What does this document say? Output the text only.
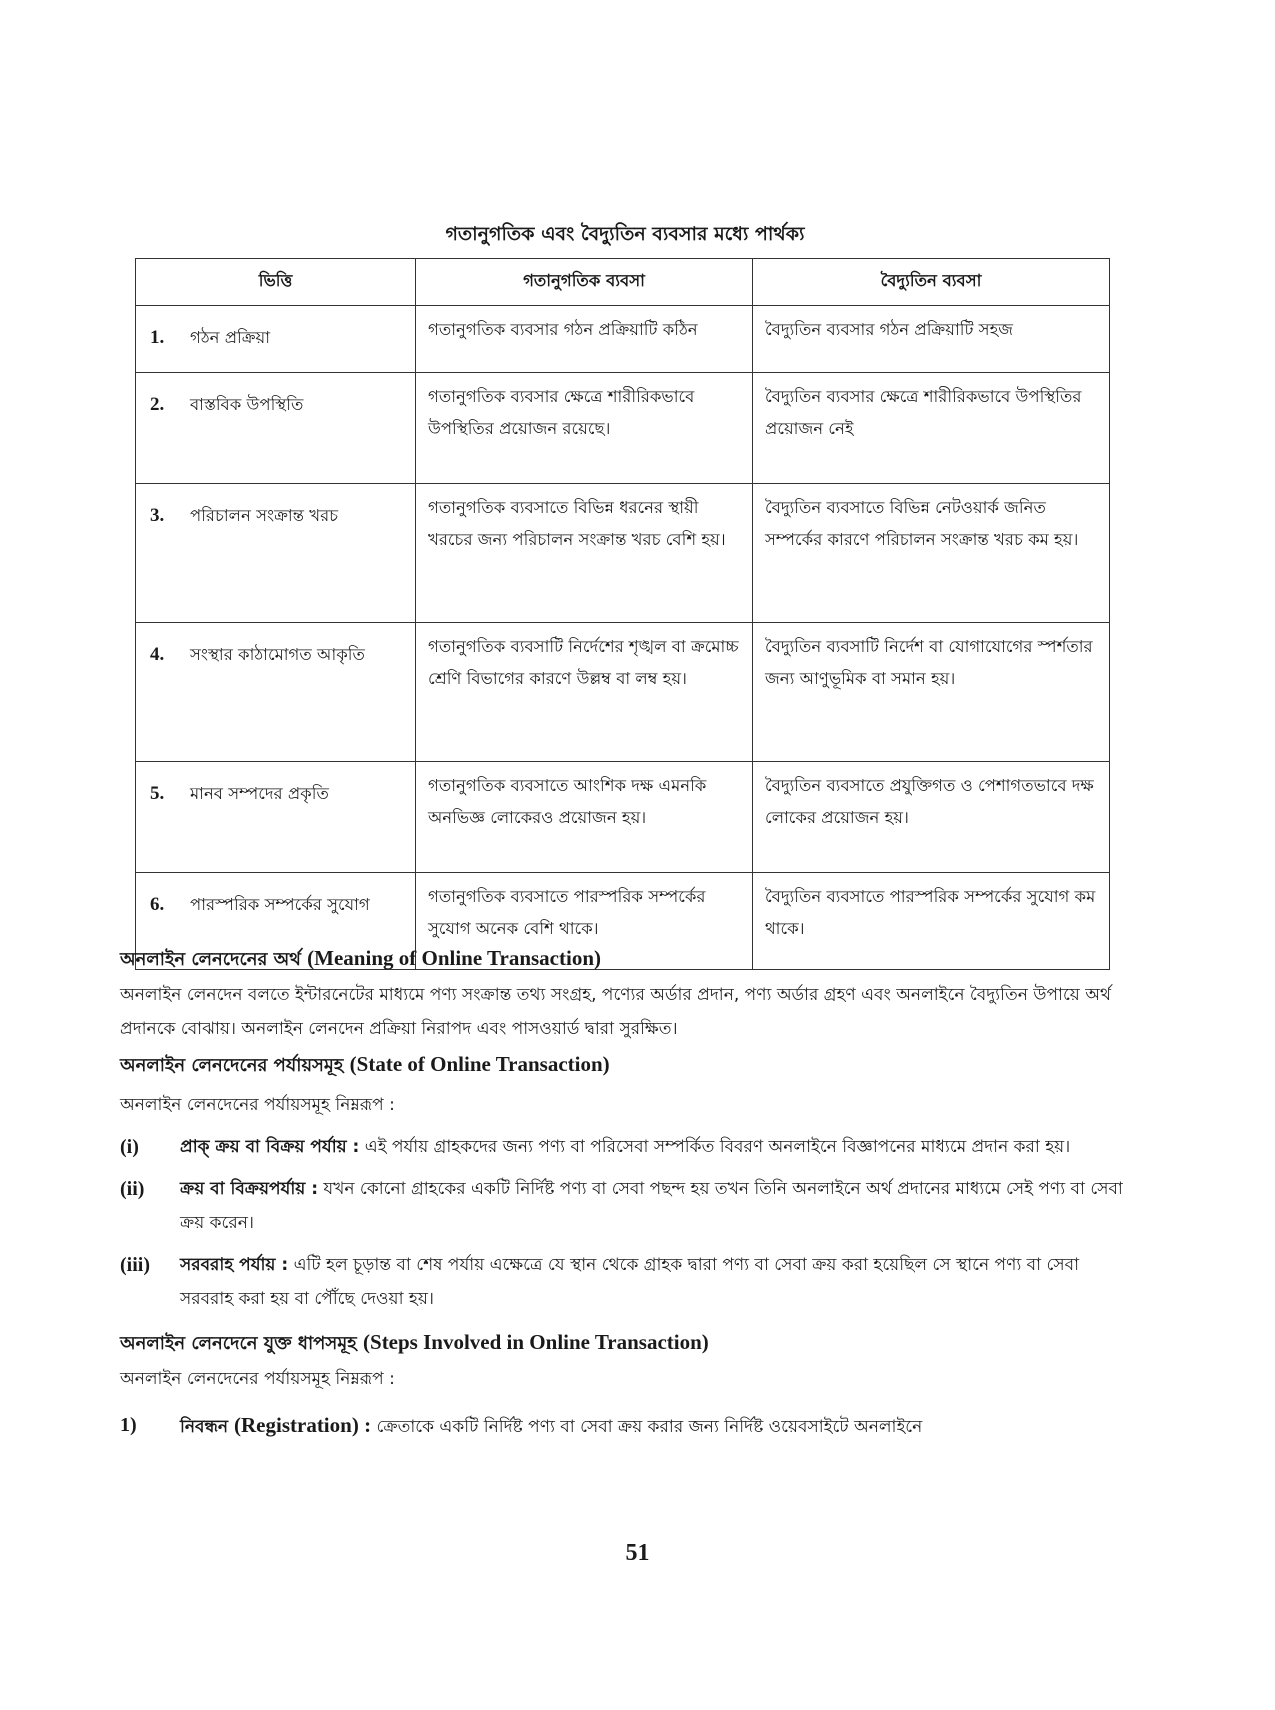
গতানুগতিক এবং বৈদ্যুতিন ব্যবসার মধ্যে পার্থক্য
ভিত্তি	গতানুগতিক ব্যবসা	বৈদ্যুতিন ব্যবসা
1. গঠন প্রক্রিয়া	গতানুগতিক ব্যবসার গঠন প্রক্রিয়াটি কঠিন	বৈদ্যুতিন ব্যবসার গঠন প্রক্রিয়াটি সহজ
2. বাস্তবিক উপস্থিতি	গতানুগতিক ব্যবসার ক্ষেত্রে শারীরিকভাবে উপস্থিতির প্রয়োজন রয়েছে।	বৈদ্যুতিন ব্যবসার ক্ষেত্রে শারীরিকভাবে উপস্থিতির প্রয়োজন নেই
3. পরিচালন সংক্রান্ত খরচ	গতানুগতিক ব্যবসাতে বিভিন্ন ধরনের স্থায়ী খরচের জন্য পরিচালন সংক্রান্ত খরচ বেশি হয়।	বৈদ্যুতিন ব্যবসাতে বিভিন্ন নেটওয়ার্ক জনিত সম্পর্কের কারণে পরিচালন সংক্রান্ত খরচ কম হয়।
4. সংস্থার কাঠামোগত আকৃতি	গতানুগতিক ব্যবসাটি নির্দেশের শৃঙ্খল বা ক্রমোচ্চ শ্রেণি বিভাগের কারণে উল্লম্ব বা লম্ব হয়।	বৈদ্যুতিন ব্যবসাটি নির্দেশ বা যোগাযোগের স্পর্শতার জন্য আণুভূমিক বা সমান হয়।
5. মানব সম্পদের প্রকৃতি	গতানুগতিক ব্যবসাতে আংশিক দক্ষ এমনকি অনভিজ্ঞ লোকেরও প্রয়োজন হয়।	বৈদ্যুতিন ব্যবসাতে প্রযুক্তিগত ও পেশাগতভাবে দক্ষ লোকের প্রয়োজন হয়।
6. পারস্পরিক সম্পর্কের সুযোগ	গতানুগতিক ব্যবসাতে পারস্পরিক সম্পর্কের সুযোগ অনেক বেশি থাকে।	বৈদ্যুতিন ব্যবসাতে পারস্পরিক সম্পর্কের সুযোগ কম থাকে।
অনলাইন লেনদেনের অর্থ (Meaning of Online Transaction)

অনলাইন লেনদেন বলতে ইন্টারনেটের মাধ্যমে পণ্য সংক্রান্ত তথ্য সংগ্রহ, পণ্যের অর্ডার প্রদান, পণ্য অর্ডার গ্রহণ এবং অনলাইনে বৈদ্যুতিন উপায়ে অর্থ প্রদানকে বোঝায়। অনলাইন লেনদেন প্রক্রিয়া নিরাপদ এবং পাসওয়ার্ড দ্বারা সুরক্ষিত।

অনলাইন লেনদেনের পর্যায়সমূহ (State of Online Transaction)

অনলাইন লেনদেনের পর্যায়সমূহ নিম্নরূপ :

(i)	প্রাক্ ক্রয় বা বিক্রয় পর্যায় : এই পর্যায় গ্রাহকদের জন্য পণ্য বা পরিসেবা সম্পর্কিত বিবরণ অনলাইনে বিজ্ঞাপনের মাধ্যমে প্রদান করা হয়।
(ii)	ক্রয় বা বিক্রয়পর্যায় : যখন কোনো গ্রাহকের একটি নির্দিষ্ট পণ্য বা সেবা পছন্দ হয় তখন তিনি অনলাইনে অর্থ প্রদানের মাধ্যমে সেই পণ্য বা সেবা ক্রয় করেন।
(iii)	সরবরাহ পর্যায় : এটি হল চূড়ান্ত বা শেষ পর্যায় এক্ষেত্রে যে স্থান থেকে গ্রাহক দ্বারা পণ্য বা সেবা ক্রয় করা হয়েছিল সে স্থানে পণ্য বা সেবা সরবরাহ করা হয় বা পৌঁছে দেওয়া হয়।
অনলাইন লেনদেনে যুক্ত ধাপসমূহ (Steps Involved in Online Transaction)

অনলাইন লেনদেনের পর্যায়সমূহ নিম্নরূপ :

1)	নিবন্ধন (Registration) : ক্রেতাকে একটি নির্দিষ্ট পণ্য বা সেবা ক্রয় করার জন্য নির্দিষ্ট ওয়েবসাইটে অনলাইনে
51
